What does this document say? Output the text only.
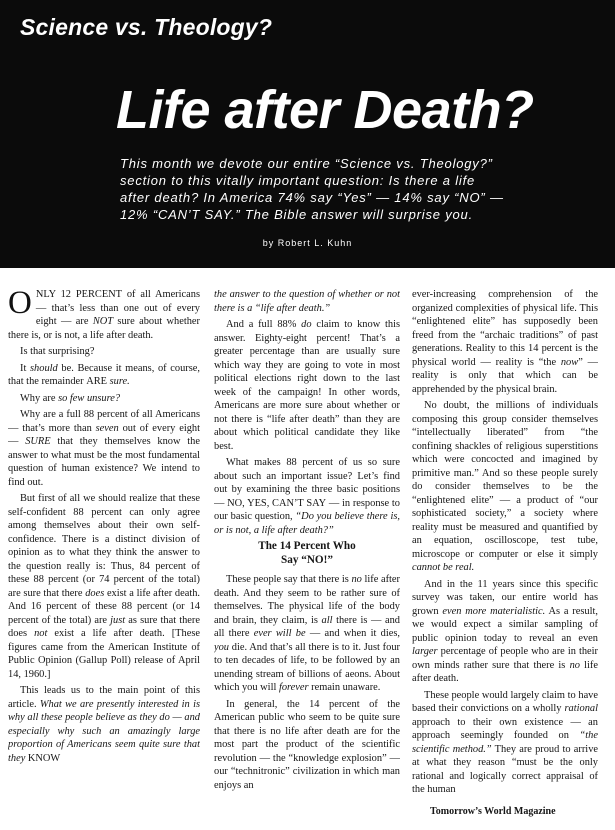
Science vs. Theology?
Life after Death?
This month we devote our entire “Science vs. Theology?” section to this vitally important question: Is there a life after death? In America 74% say “Yes” — 14% say “NO” — 12% “CAN’T SAY.” The Bible answer will surprise you.
by Robert L. Kuhn

ONLY 12 PERCENT of all Americans — that’s less than one out of every eight — are NOT sure about whether there is, or is not, a life after death.

Is that surprising?

It should be. Because it means, of course, that the remainder ARE sure.

Why are so few unsure?

Why are a full 88 percent of all Americans — that’s more than seven out of every eight — SURE that they themselves know the answer to what must be the most fundamental question of human existence? We intend to find out.

But first of all we should realize that these self-confident 88 percent can only agree among themselves about their own self-confidence. There is a distinct division of opinion as to what they think the answer to the question really is: Thus, 84 percent of these 88 percent (or 74 percent of the total) are sure that there does exist a life after death. And 16 percent of these 88 percent (or 14 percent of the total) are just as sure that there does not exist a life after death. [These figures came from the American Institute of Public Opinion (Gallup Poll) release of April 14, 1960.]

This leads us to the main point of this article. What we are presently interested in is why all these people believe as they do — and especially why such an amazingly large proportion of Americans seem quite sure that they KNOW

the answer to the question of whether or not there is a “life after death.”

And a full 88% do claim to know this answer. Eighty-eight percent! That’s a greater percentage than are usually sure which way they are going to vote in most political elections right down to the last week of the campaign! In other words, Americans are more sure about whether or not there is “life after death” than they are about which political candidate they like best.

What makes 88 percent of us so sure about such an important issue? Let’s find out by examining the three basic positions — NO, YES, CAN’T SAY — in response to our basic question, “Do you believe there is, or is not, a life after death?”

The 14 Percent Who
Say “NO!”

These people say that there is no life after death. And they seem to be rather sure of themselves. The physical life of the body and brain, they claim, is all there is — and all there ever will be — and when it dies, you die. And that’s all there is to it. Just four to ten decades of life, to be followed by an unending stream of billions of aeons. About which you will forever remain unaware.

In general, the 14 percent of the American public who seem to be quite sure that there is no life after death are for the most part the product of the scientific revolution — the “knowledge explosion” — our “technitronic” civilization in which man enjoys an

ever-increasing comprehension of the organized complexities of physical life. This “enlightened elite” has supposedly been freed from the “archaic traditions” of past generations. Reality to this 14 percent is the physical world — reality is “the now” — reality is only that which can be apprehended by the physical brain.

No doubt, the millions of individuals composing this group consider themselves “intellectually liberated” from “the confining shackles of religious superstitions which were concocted and imagined by primitive man.” And so these people surely do consider themselves to be the “enlightened elite” — a product of “our sophisticated society,” a society where reality must be measured and quantified by an equation, oscilloscope, test tube, microscope or computer or else it simply cannot be real.

And in the 11 years since this specific survey was taken, our entire world has grown even more materialistic. As a result, we would expect a similar sampling of public opinion today to reveal an even larger percentage of people who are in their own minds rather sure that there is no life after death.

These people would largely claim to have based their convictions on a wholly rational approach to their own existence — an approach seemingly founded on “the scientific method.” They are proud to arrive at what they reason “must be the only rational and logically correct appraisal of the human

Tomorrow’s World Magazine
